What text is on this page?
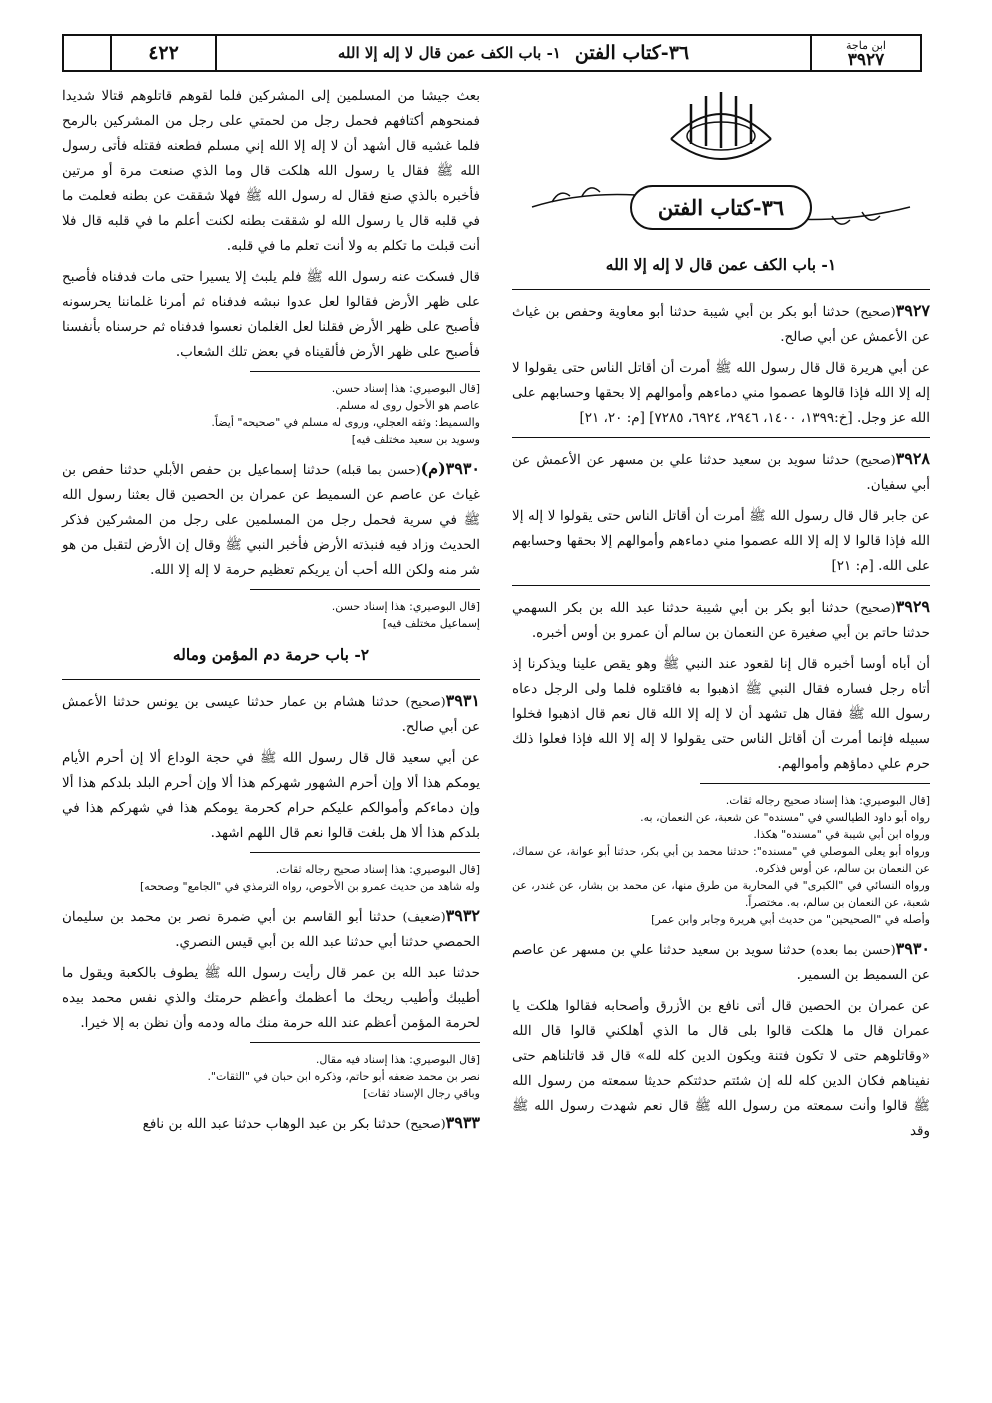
ابن ماجة
٣٩٢٧
٣٦-كتاب الفتن
١- باب الكف عمن قال لا إله إلا الله
٤٢٢
٣٦-كتاب الفتن
١- باب الكف عمن قال لا إله إلا الله

٣٩٢٧(صحيح) حدثنا أبو بكر بن أبي شيبة حدثنا أبو معاوية وحفص بن غياث عن الأعمش عن أبي صالح.

عن أبي هريرة قال قال رسول الله ﷺ أمرت أن أقاتل الناس حتى يقولوا لا إله إلا الله فإذا قالوها عصموا مني دماءهم وأموالهم إلا بحقها وحسابهم على الله عز وجل. [خ:١٣٩٩، ١٤٠٠، ٢٩٤٦، ٦٩٢٤، ٧٢٨٥] [م: ٢٠، ٢١]

٣٩٢٨(صحيح) حدثنا سويد بن سعيد حدثنا علي بن مسهر عن الأعمش عن أبي سفيان.

عن جابر قال قال رسول الله ﷺ أمرت أن أقاتل الناس حتى يقولوا لا إله إلا الله فإذا قالوا لا إله إلا الله عصموا مني دماءهم وأموالهم إلا بحقها وحسابهم على الله. [م: ٢١]

٣٩٢٩(صحيح) حدثنا أبو بكر بن أبي شيبة حدثنا عبد الله بن بكر السهمي حدثنا حاتم بن أبي صغيرة عن النعمان بن سالم أن عمرو بن أوس أخبره.

أن أباه أوسا أخبره قال إنا لقعود عند النبي ﷺ وهو يقص علينا ويذكرنا إذ أتاه رجل فساره فقال النبي ﷺ اذهبوا به فاقتلوه فلما ولى الرجل دعاه رسول الله ﷺ فقال هل تشهد أن لا إله إلا الله قال نعم قال اذهبوا فخلوا سبيله فإنما أمرت أن أقاتل الناس حتى يقولوا لا إله إلا الله فإذا فعلوا ذلك حرم علي دماؤهم وأموالهم.

[قال البوصيري: هذا إسناد صحيح رجاله ثقات.
رواه أبو داود الطيالسي في "مسنده" عن شعبة، عن النعمان، به.
ورواه ابن أبي شيبة في "مسنده" هكذا.
ورواه أبو يعلى الموصلي في "مسنده": حدثنا محمد بن أبي بكر، حدثنا أبو عوانة، عن سماك، عن النعمان بن سالم، عن أوس فذكره.
ورواه النسائي في "الكبرى" في المحاربة من طرق منها، عن محمد بن بشار، عن غندر، عن شعبة، عن النعمان بن سالم، به. مختصراً.
وأصله في "الصحيحين" من حديث أبي هريرة وجابر وابن عمر]

٣٩٣٠(حسن بما بعده) حدثنا سويد بن سعيد حدثنا علي بن مسهر عن عاصم عن السميط بن السمير.

عن عمران بن الحصين قال أتى نافع بن الأزرق وأصحابه فقالوا هلكت يا عمران قال ما هلكت قالوا بلى قال ما الذي أهلكني قالوا قال الله «وقاتلوهم حتى لا تكون فتنة ويكون الدين كله لله» قال قد قاتلناهم حتى نفيناهم فكان الدين كله لله إن شئتم حدثتكم حديثا سمعته من رسول الله ﷺ قالوا وأنت سمعته من رسول الله ﷺ قال نعم شهدت رسول الله ﷺ وقد

بعث جيشا من المسلمين إلى المشركين فلما لقوهم قاتلوهم قتالا شديدا فمنحوهم أكتافهم فحمل رجل من لحمتي على رجل من المشركين بالرمح فلما غشيه قال أشهد أن لا إله إلا الله إني مسلم فطعنه فقتله فأتى رسول الله ﷺ فقال يا رسول الله هلكت قال وما الذي صنعت مرة أو مرتين فأخبره بالذي صنع فقال له رسول الله ﷺ فهلا شققت عن بطنه فعلمت ما في قلبه قال يا رسول الله لو شققت بطنه لكنت أعلم ما في قلبه قال فلا أنت قبلت ما تكلم به ولا أنت تعلم ما في قلبه.

قال فسكت عنه رسول الله ﷺ فلم يلبث إلا يسيرا حتى مات فدفناه فأصبح على ظهر الأرض فقالوا لعل عدوا نبشه فدفناه ثم أمرنا غلماننا يحرسونه فأصبح على ظهر الأرض فقلنا لعل الغلمان نعسوا فدفناه ثم حرسناه بأنفسنا فأصبح على ظهر الأرض فألقيناه في بعض تلك الشعاب.

[قال البوصيري: هذا إسناد حسن.
عاصم هو الأحول روى له مسلم.
والسميط: وثقه العجلي، وروى له مسلم في "صحيحه" أيضاً.
وسويد بن سعيد مختلف فيه]

٣٩٣٠(م)(حسن بما قبله) حدثنا إسماعيل بن حفص الأبلي حدثنا حفص بن غياث عن عاصم عن السميط عن عمران بن الحصين قال بعثنا رسول الله ﷺ في سرية فحمل رجل من المسلمين على رجل من المشركين فذكر الحديث وزاد فيه فنبذته الأرض فأخبر النبي ﷺ وقال إن الأرض لتقبل من هو شر منه ولكن الله أحب أن يريكم تعظيم حرمة لا إله إلا الله.

[قال البوصيري: هذا إسناد حسن.
إسماعيل مختلف فيه]
٢- باب حرمة دم المؤمن وماله

٣٩٣١(صحيح) حدثنا هشام بن عمار حدثنا عيسى بن يونس حدثنا الأعمش عن أبي صالح.

عن أبي سعيد قال قال رسول الله ﷺ في حجة الوداع ألا إن أحرم الأيام يومكم هذا ألا وإن أحرم الشهور شهركم هذا ألا وإن أحرم البلد بلدكم هذا ألا وإن دماءكم وأموالكم عليكم حرام كحرمة يومكم هذا في شهركم هذا في بلدكم هذا ألا هل بلغت قالوا نعم قال اللهم اشهد.

[قال البوصيري: هذا إسناد صحيح رجاله ثقات.
وله شاهد من حديث عمرو بن الأحوص، رواه الترمذي في "الجامع" وصححه]

٣٩٣٢(ضعيف) حدثنا أبو القاسم بن أبي ضمرة نصر بن محمد بن سليمان الحمصي حدثنا أبي حدثنا عبد الله بن أبي قيس النصري.

حدثنا عبد الله بن عمر قال رأيت رسول الله ﷺ يطوف بالكعبة ويقول ما أطيبك وأطيب ريحك ما أعظمك وأعظم حرمتك والذي نفس محمد بيده لحرمة المؤمن أعظم عند الله حرمة منك ماله ودمه وأن نظن به إلا خيرا.

[قال البوصيري: هذا إسناد فيه مقال.
نصر بن محمد ضعفه أبو حاتم، وذكره ابن حبان في "الثقات".
وباقي رجال الإسناد ثقات]

٣٩٣٣(صحيح) حدثنا بكر بن عبد الوهاب حدثنا عبد الله بن نافع
